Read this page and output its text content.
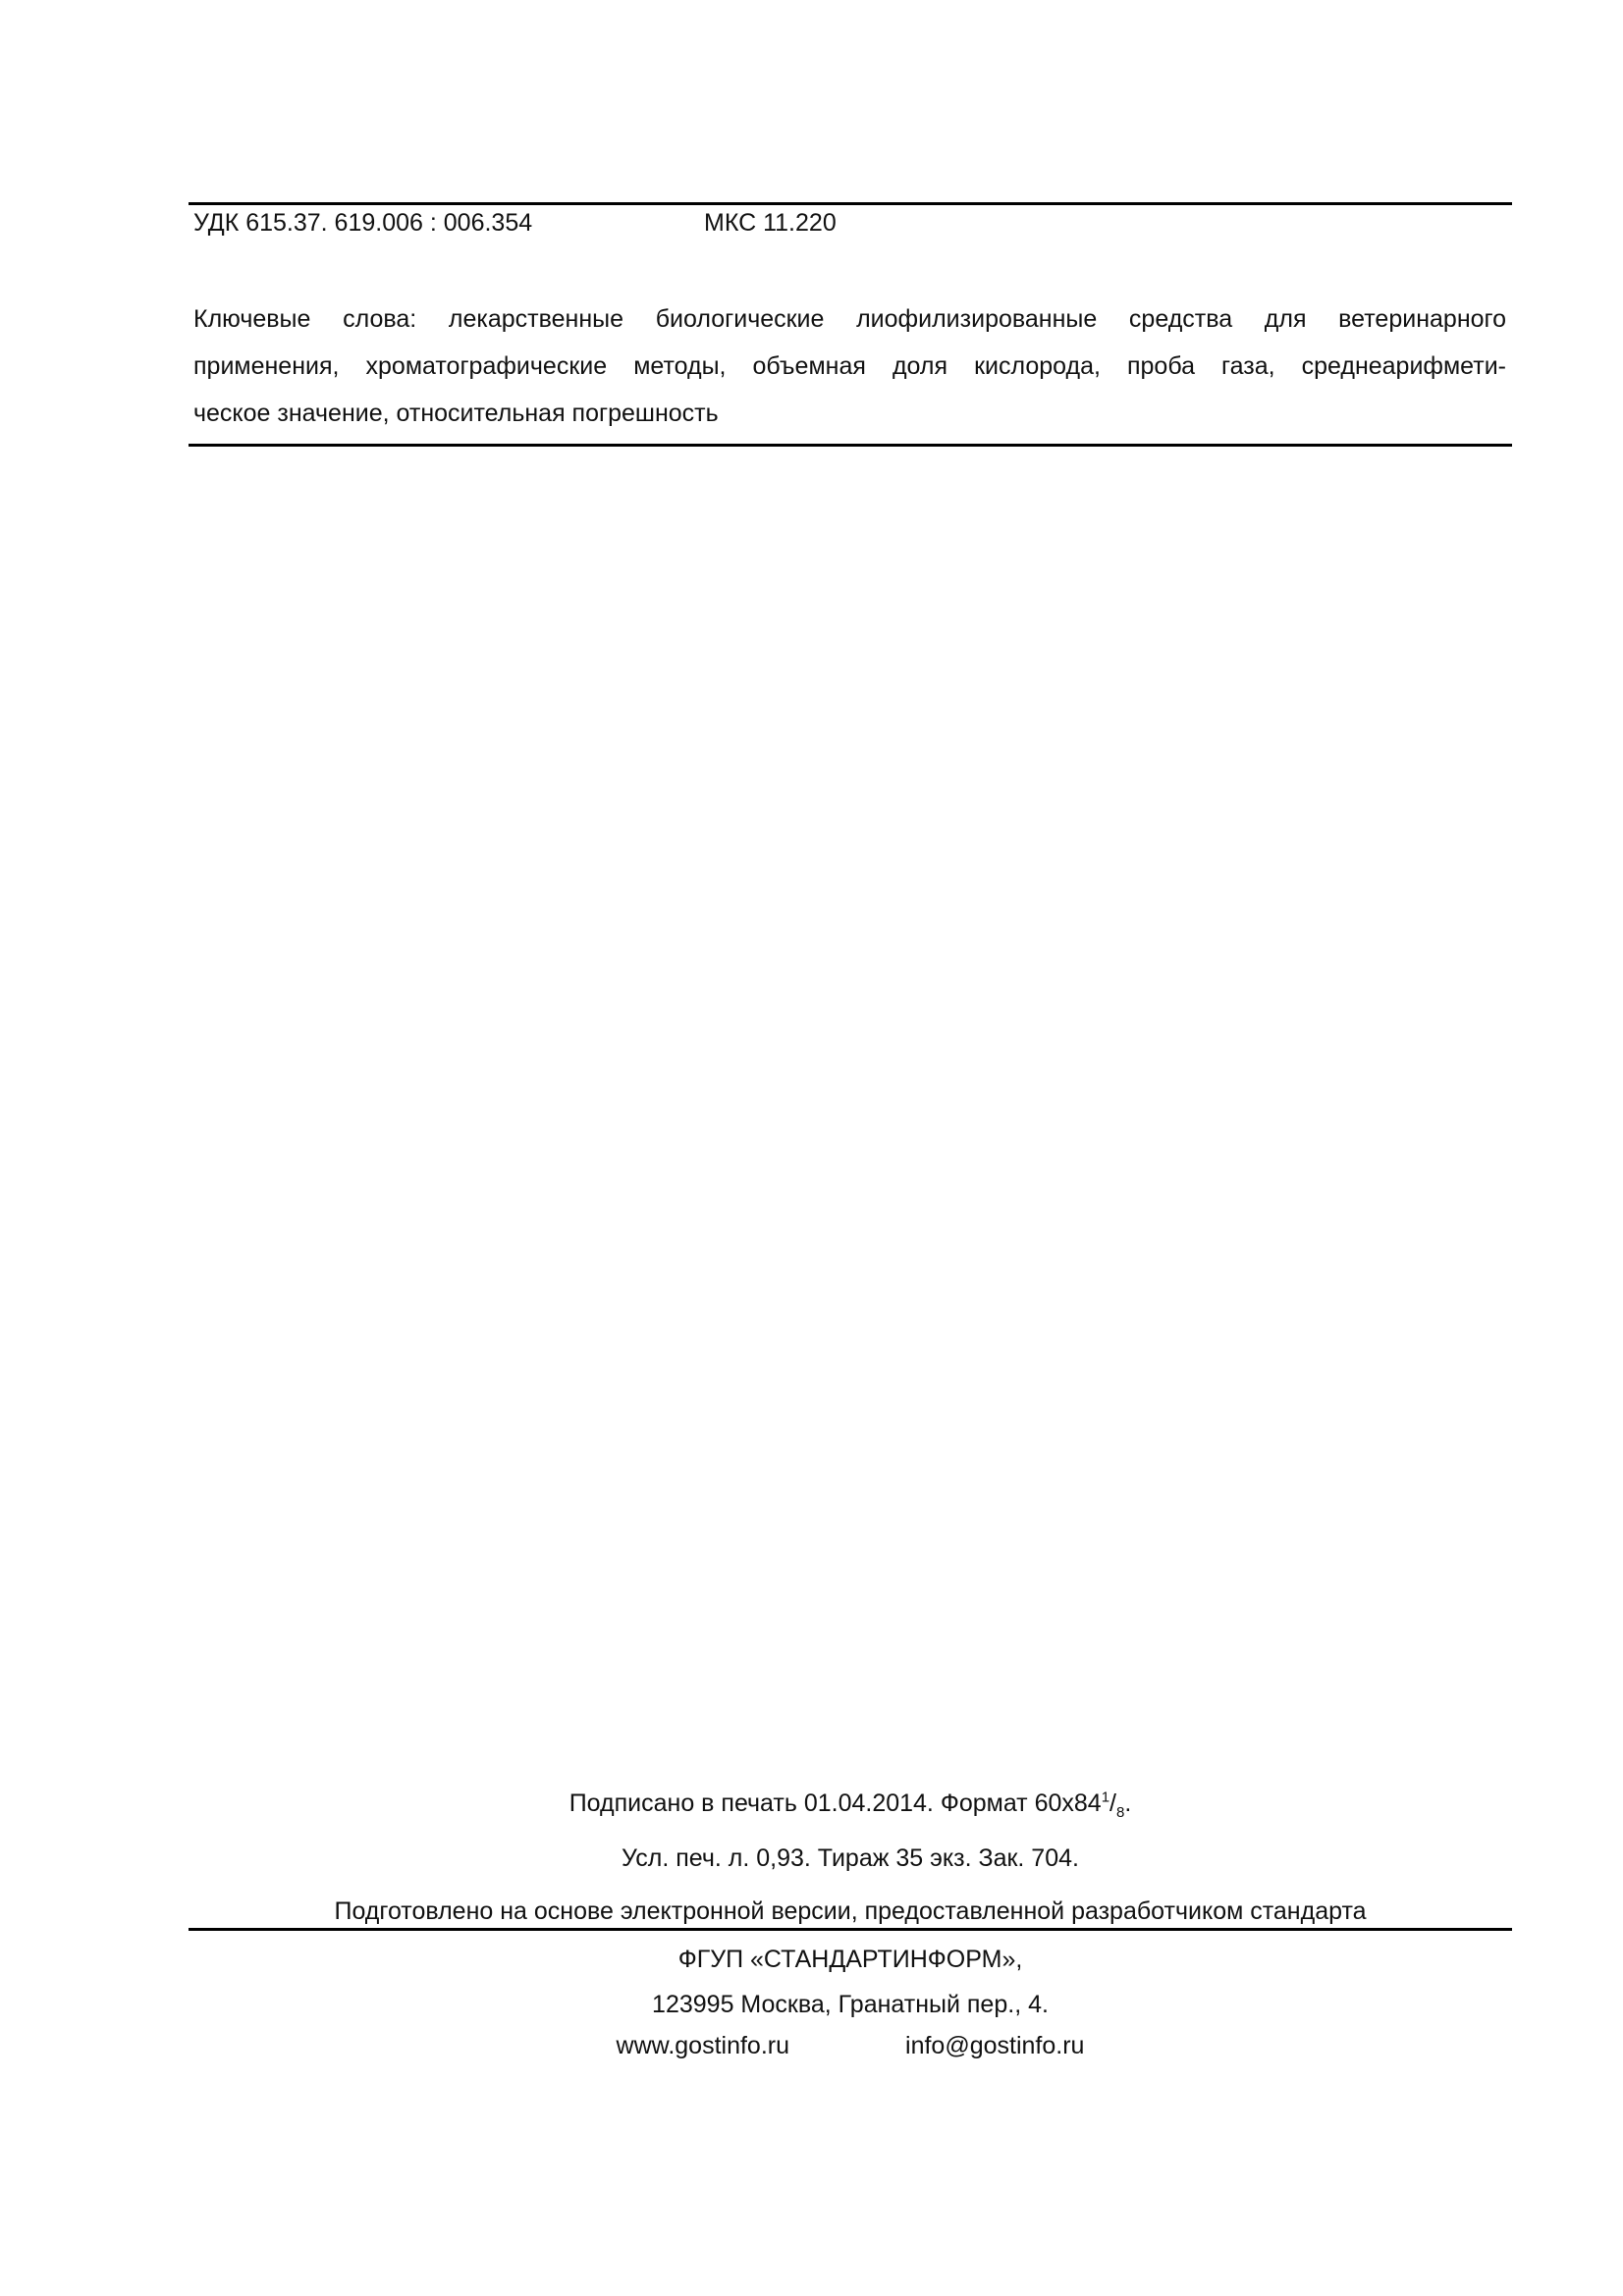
УДК 615.37. 619.006 : 006.354	МКС 11.220
Ключевые слова: лекарственные биологические лиофилизированные средства для ветеринарного
применения, хроматографические методы, объемная доля кислорода, проба газа, среднеарифмети-
ческое значение, относительная погрешность
Подписано в печать 01.04.2014. Формат $60x84^1/_8$.
Усл. печ. л. 0,93. Тираж 35 экз. Зак. 704.
Подготовлено на основе электронной версии, предоставленной разработчиком стандарта
ФГУП «СТАНДАРТИНФОРМ»,
123995 Москва, Гранатный пер., 4.
www.gostinfo.ru	info@gostinfo.ru
